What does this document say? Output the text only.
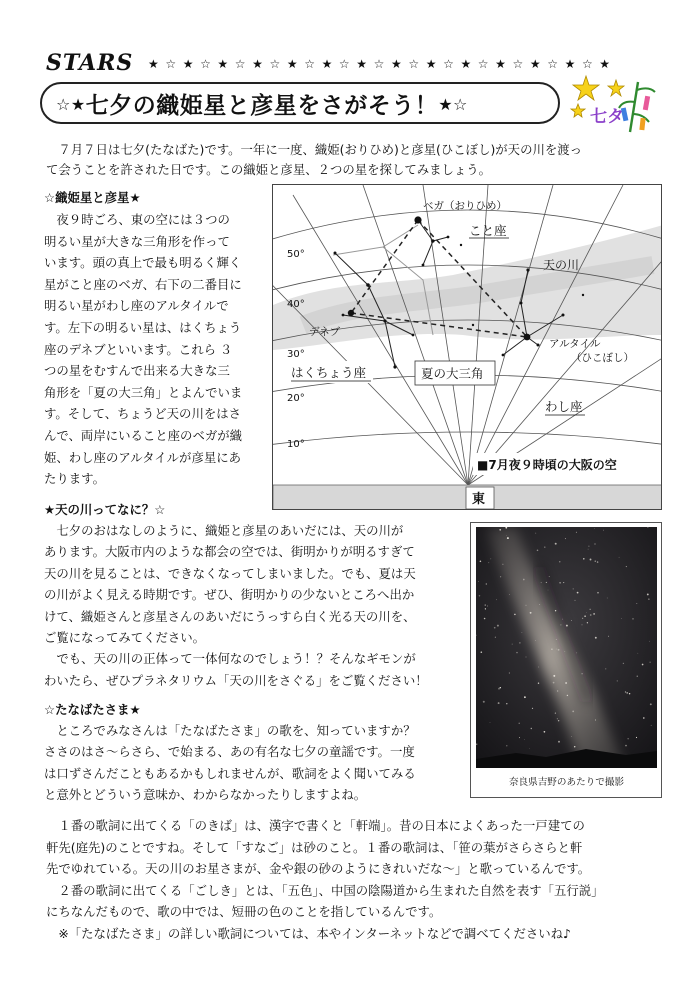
STARS ★☆★☆★☆★☆★☆★☆★☆★☆★☆★☆★☆★☆★☆★
☆★七夕の織姫星と彦星をさがそう！★☆
七タ
　７月７日は七夕(たなばた)です。一年に一度、織姫(おりひめ)と彦星(ひこぼし)が天の川を渡っ
て会うことを許された日です。この織姫と彦星、２つの星を探してみましょう。
☆織姫星と彦星★
　夜９時ごろ、東の空には３つの
明るい星が大きな三角形を作って
います。頭の真上で最も明るく輝く
星がこと座のベガ、右下の二番目に
明るい星がわし座のアルタイルで
す。左下の明るい星は、はくちょう
座のデネブといいます。これら ３
つの星をむすんで出来る大きな三
角形を「夏の大三角」とよんでいま
す。そして、ちょうど天の川をはさ
んで、両岸にいること座のベガが織
姫、わし座のアルタイルが彦星にあ
たります。
ベガ（おりひめ）
こと座
天の川
デネブ
アルタイル
（ひこぼし）
はくちょう座	夏の大三角
わし座
50°
40°
30°
20°
10°
■7月夜９時頃の大阪の空
東
★天の川ってなに？☆
　七夕のおはなしのように、織姫と彦星のあいだには、天の川が
あります。大阪市内のような都会の空では、街明かりが明るすぎて
天の川を見ることは、できなくなってしまいました。でも、夏は天
の川がよく見える時期です。ぜひ、街明かりの少ないところへ出か
けて、織姫さんと彦星さんのあいだにうっすら白く光る天の川を、
ご覧になってみてください。
　でも、天の川の正体って一体何なのでしょう！？そんなギモンが
わいたら、ぜひプラネタリウム「天の川をさぐる」をご覧ください！
奈良県吉野のあたりで撮影
☆たなばたさま★
　ところでみなさんは「たなばたさま」の歌を、知っていますか？
ささのはさ～らさら、で始まる、あの有名な七夕の童謡です。一度
は口ずさんだこともあるかもしれませんが、歌詞をよく聞いてみる
と意外とどういう意味か、わからなかったりしますよね。
　１番の歌詞に出てくる「のきば」は、漢字で書くと「軒端」。昔の日本によくあった一戸建ての
軒先(庭先)のことですね。そして「すなご」は砂のこと。１番の歌詞は、「笹の葉がさらさらと軒
先でゆれている。天の川のお星さまが、金や銀の砂のようにきれいだな～」と歌っているんです。
　２番の歌詞に出てくる「ごしき」とは、「五色」、中国の陰陽道から生まれた自然を表す「五行説」
にちなんだもので、歌の中では、短冊の色のことを指しているんです。
　※「たなばたさま」の詳しい歌詞については、本やインターネットなどで調べてくださいね♪
